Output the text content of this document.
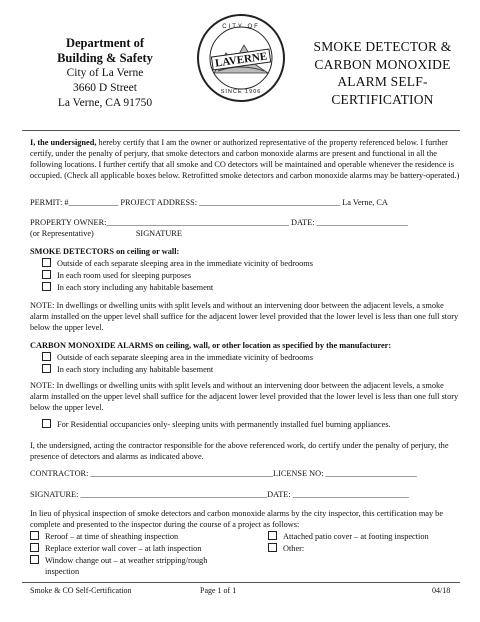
Department of
Building & Safety
City of La Verne
3660 D Street
La Verne, CA 91750
LAVERNE
CITY OF
SINCE 1906
SMOKE DETECTOR &
CARBON MONOXIDE
ALARM SELF-
CERTIFICATION

I, the undersigned, hereby certify that I am the owner or authorized representative of the property referenced below. I further certify, under the penalty of perjury, that smoke detectors and carbon monoxide alarms are present and functional in all the following locations. I further certify that all smoke and CO detectors will be maintained and operable whenever the residence is occupied. (Check all applicable boxes below. Retrofitted smoke detectors and carbon monoxide alarms may be battery-operated.)

PERMIT: #____________ PROJECT ADDRESS: __________________________________ La Verne, CA
PROPERTY OWNER:____________________________________________ DATE: ______________________
(or Representative)	SIGNATURE
SMOKE DETECTORS on ceiling or wall:
Outside of each separate sleeping area in the immediate vicinity of bedrooms
In each room used for sleeping purposes
In each story including any habitable basement

NOTE: In dwellings or dwelling units with split levels and without an intervening door between the adjacent levels, a smoke alarm installed on the upper level shall suffice for the adjacent lower level provided that the lower level is less than one full story below the upper level.

CARBON MONOXIDE ALARMS on ceiling, wall, or other location as specified by the manufacturer:
Outside of each separate sleeping area in the immediate vicinity of bedrooms
In each story including any habitable basement

NOTE: In dwellings or dwelling units with split levels and without an intervening door between the adjacent levels, a smoke alarm installed on the upper level shall suffice for the adjacent lower level provided that the lower level is less than one full story below the upper level.

For Residential occupancies only- sleeping units with permanently installed fuel burning appliances.

I, the undersigned, acting the contractor responsible for the above referenced work, do certify under the penalty of perjury, the presence of detectors and alarms as indicated above.

CONTRACTOR: ____________________________________________LICENSE NO: ______________________
SIGNATURE: _____________________________________________DATE: ____________________________

In lieu of physical inspection of smoke detectors and carbon monoxide alarms by the city inspector, this certification may be complete and presented to the inspector during the course of a project as follows:

Reroof – at time of sheathing inspection
Replace exterior wall cover – at lath inspection
Window change out – at weather stripping/rough
inspection
Attached patio cover – at footing inspection
Other:
Smoke & CO Self-Certification	Page 1 of 1	04/18
